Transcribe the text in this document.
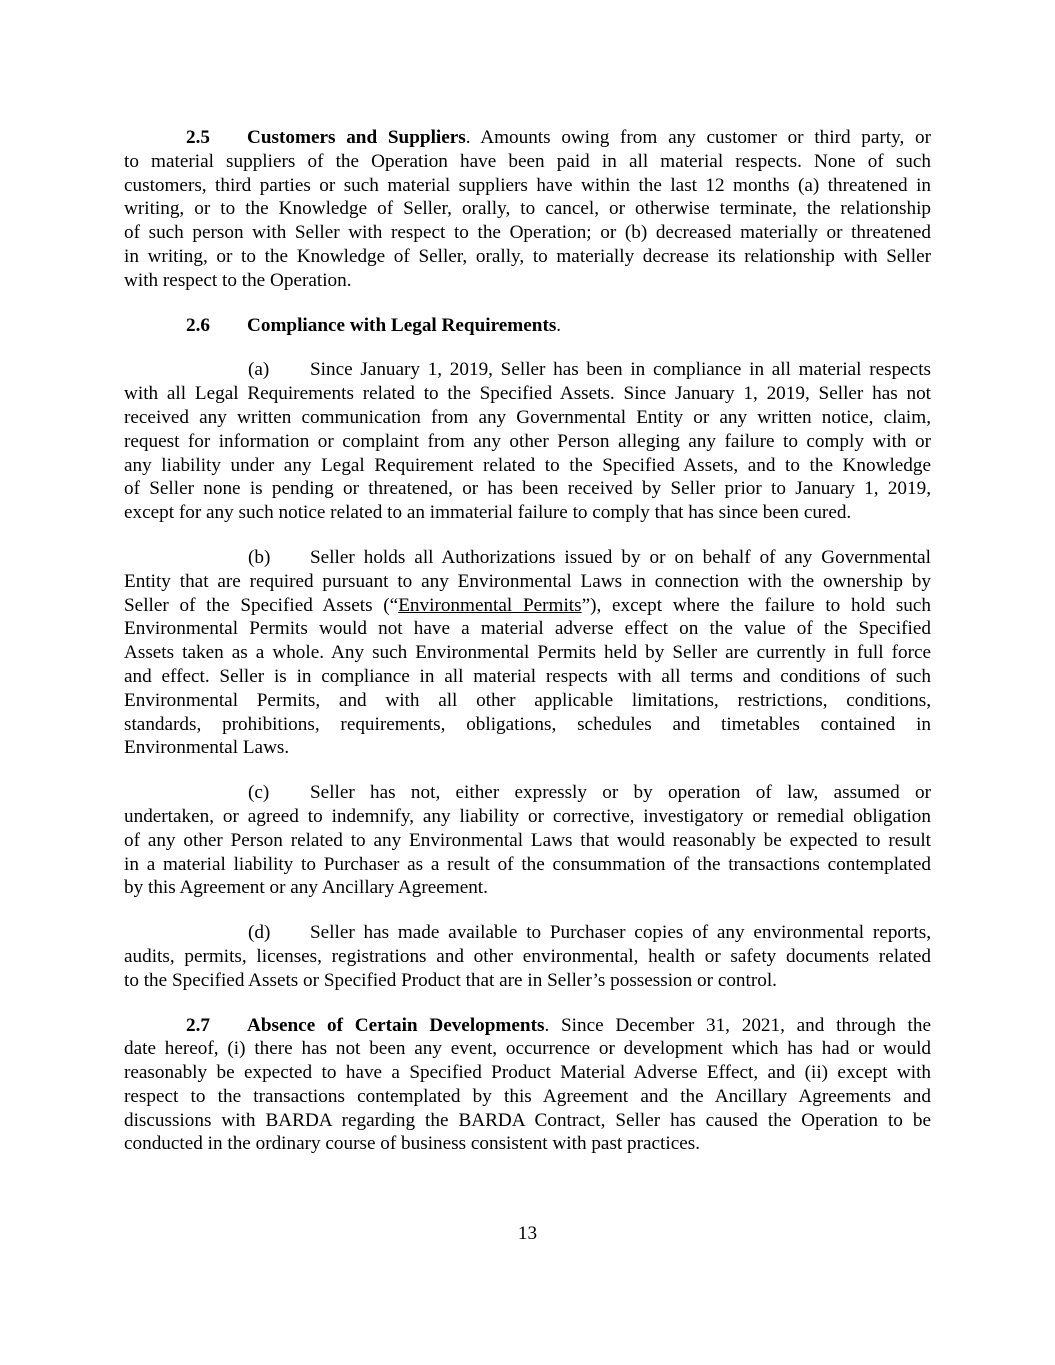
2.5 Customers and Suppliers. Amounts owing from any customer or third party, or
to material suppliers of the Operation have been paid in all material respects. None of such
customers, third parties or such material suppliers have within the last 12 months (a) threatened in
writing, or to the Knowledge of Seller, orally, to cancel, or otherwise terminate, the relationship
of such person with Seller with respect to the Operation; or (b) decreased materially or threatened
in writing, or to the Knowledge of Seller, orally, to materially decrease its relationship with Seller
with respect to the Operation.
2.6 Compliance with Legal Requirements.
(a) Since January 1, 2019, Seller has been in compliance in all material respects
with all Legal Requirements related to the Specified Assets. Since January 1, 2019, Seller has not
received any written communication from any Governmental Entity or any written notice, claim,
request for information or complaint from any other Person alleging any failure to comply with or
any liability under any Legal Requirement related to the Specified Assets, and to the Knowledge
of Seller none is pending or threatened, or has been received by Seller prior to January 1, 2019,
except for any such notice related to an immaterial failure to comply that has since been cured.
(b) Seller holds all Authorizations issued by or on behalf of any Governmental
Entity that are required pursuant to any Environmental Laws in connection with the ownership by
Seller of the Specified Assets (“Environmental Permits”), except where the failure to hold such
Environmental Permits would not have a material adverse effect on the value of the Specified
Assets taken as a whole. Any such Environmental Permits held by Seller are currently in full force
and effect. Seller is in compliance in all material respects with all terms and conditions of such
Environmental Permits, and with all other applicable limitations, restrictions, conditions,
standards, prohibitions, requirements, obligations, schedules and timetables contained in
Environmental Laws.
(c) Seller has not, either expressly or by operation of law, assumed or
undertaken, or agreed to indemnify, any liability or corrective, investigatory or remedial obligation
of any other Person related to any Environmental Laws that would reasonably be expected to result
in a material liability to Purchaser as a result of the consummation of the transactions contemplated
by this Agreement or any Ancillary Agreement.
(d) Seller has made available to Purchaser copies of any environmental reports,
audits, permits, licenses, registrations and other environmental, health or safety documents related
to the Specified Assets or Specified Product that are in Seller’s possession or control.
2.7 Absence of Certain Developments. Since December 31, 2021, and through the
date hereof, (i) there has not been any event, occurrence or development which has had or would
reasonably be expected to have a Specified Product Material Adverse Effect, and (ii) except with
respect to the transactions contemplated by this Agreement and the Ancillary Agreements and
discussions with BARDA regarding the BARDA Contract, Seller has caused the Operation to be
conducted in the ordinary course of business consistent with past practices.
13
